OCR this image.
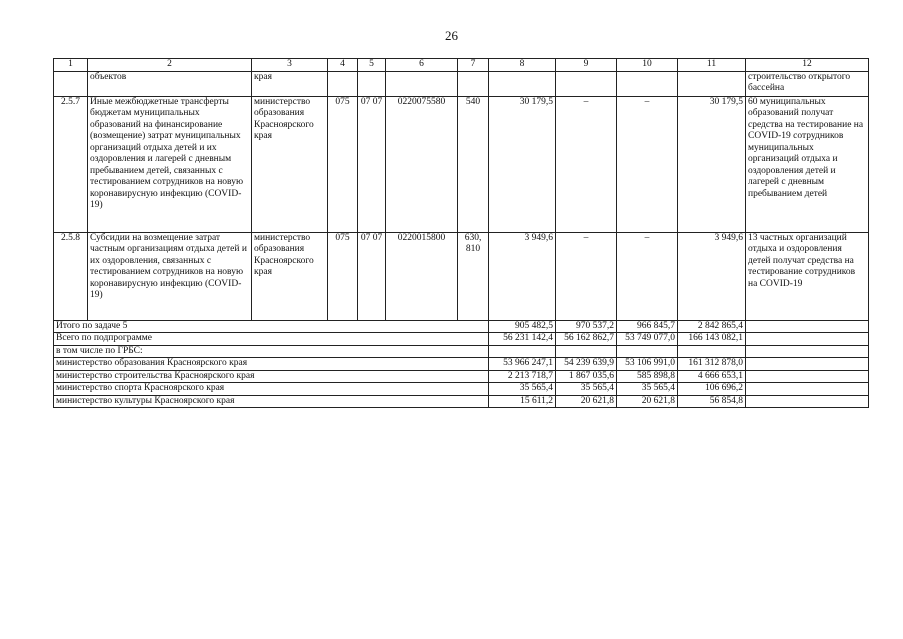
26
1	2	3	4	5	6	7	8	9	10	11	12
	объектов	края									строительство открытого бассейна
2.5.7	Иные межбюджетные трансферты бюджетам муниципальных образований на финансирование (возмещение) затрат муниципальных организаций отдыха детей и их оздоровления и лагерей с дневным пребыванием детей, связанных с тестированием сотрудников на новую коронавирусную инфекцию (COVID-19)	министерство образования Красноярского края	075	07 07	0220075580	540	30 179,5	–	–	30 179,5	60 муниципальных образований получат средства на тестирование на COVID-19 сотрудников муниципальных организаций отдыха и оздоровления детей и лагерей с дневным пребыванием детей
2.5.8	Субсидии на возмещение затрат частным организациям отдыха детей и их оздоровления, связанных с тестированием сотрудников на новую коронавирусную инфекцию (COVID-19)	министерство образования Красноярского края	075	07 07	0220015800	630, 810	3 949,6	–	–	3 949,6	13 частных организаций отдыха и оздоровления детей получат средства на тестирование сотрудников на COVID-19
Итого по задаче 5							905 482,5	970 537,2	966 845,7	2 842 865,4	
Всего по подпрограмме							56 231 142,4	56 162 862,7	53 749 077,0	166 143 082,1	
в том числе по ГРБС:											
министерство образования Красноярского края							53 966 247,1	54 239 639,9	53 106 991,0	161 312 878,0	
министерство строительства Красноярского края							2 213 718,7	1 867 035,6	585 898,8	4 666 653,1	
министерство спорта Красноярского края							35 565,4	35 565,4	35 565,4	106 696,2	
министерство культуры Красноярского края							15 611,2	20 621,8	20 621,8	56 854,8	
